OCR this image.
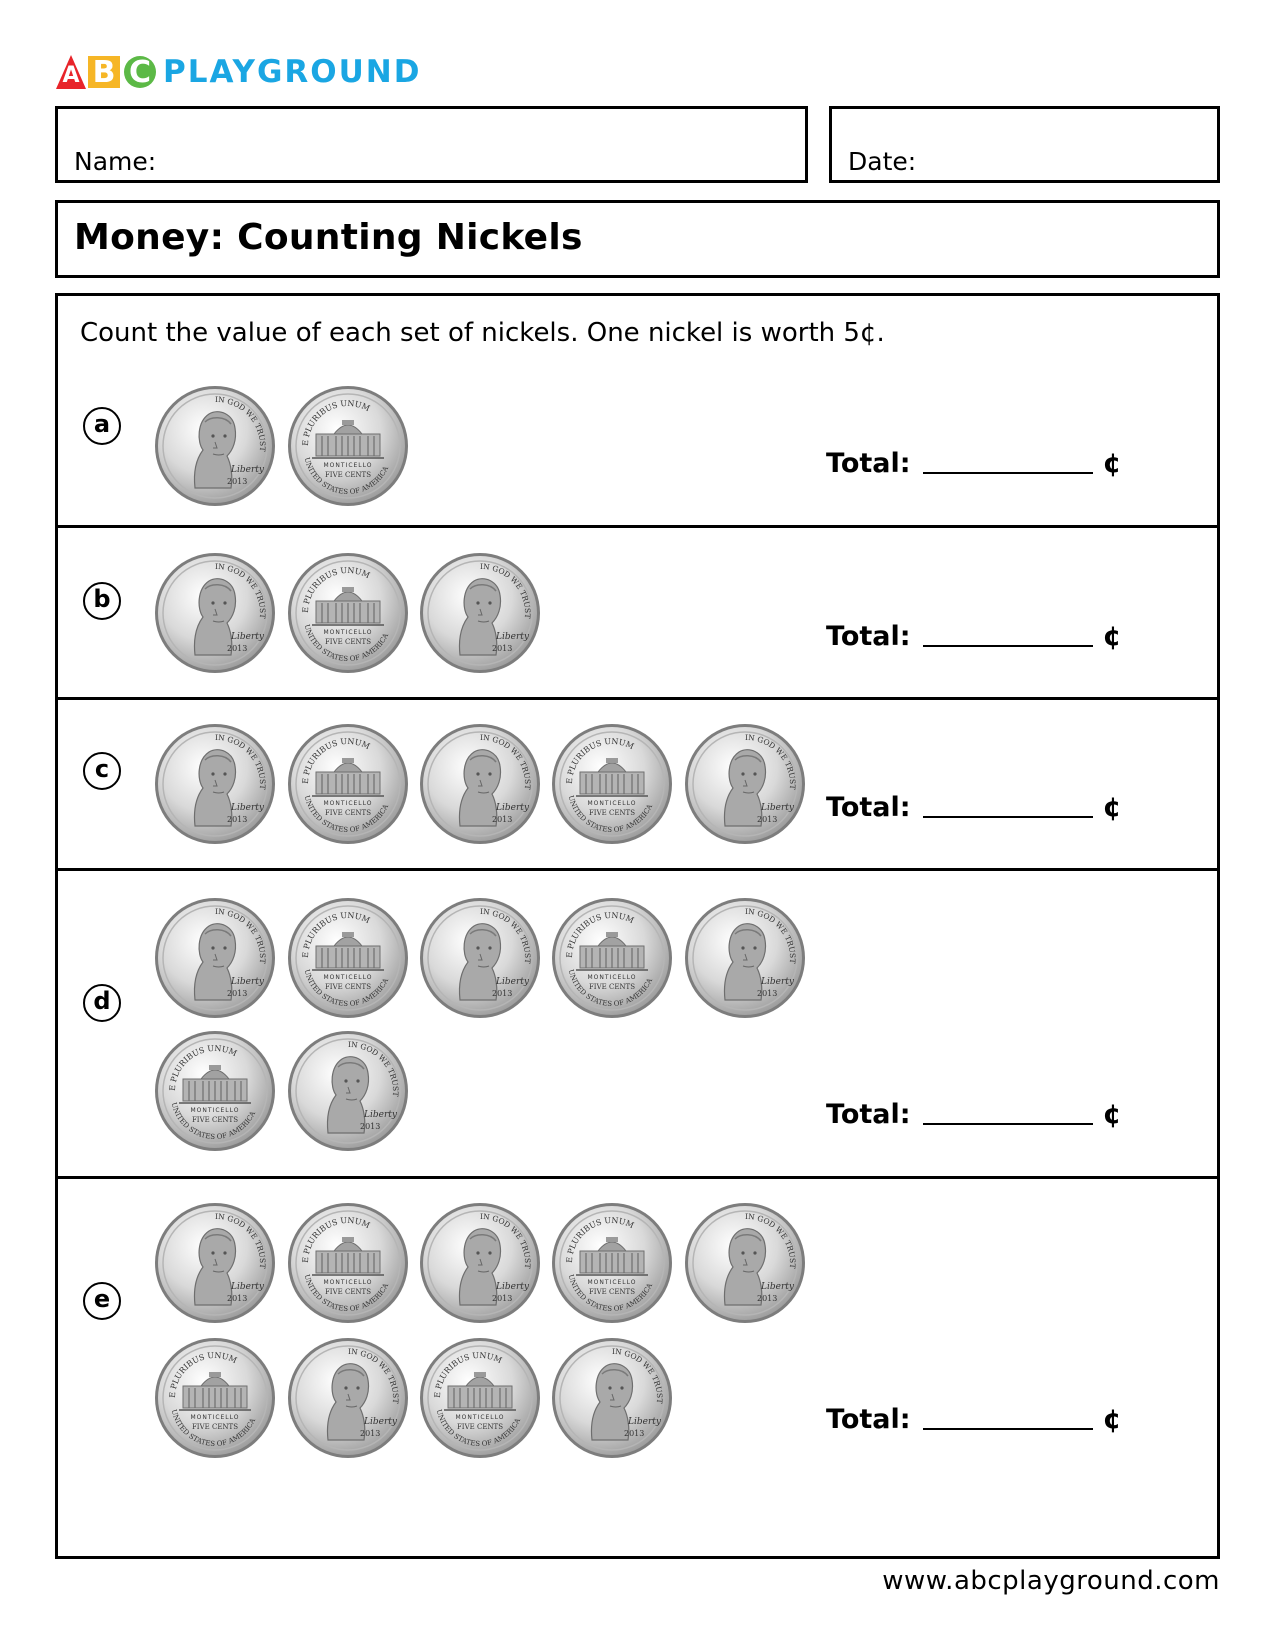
A B C PLAYGROUND
Name:	Date:
Money: Counting Nickels
Count the value of each set of nickels. One nickel is worth 5¢.
a
IN GOD WE TRUST
Liberty
2013
E PLURIBUS UNUM
MONTICELLO
FIVE CENTS
UNITED STATES OF AMERICA	Total:	¢
b
IN GOD WE TRUST
Liberty
2013
E PLURIBUS UNUM
MONTICELLO
FIVE CENTS
UNITED STATES OF AMERICA
IN GOD WE TRUST
Liberty
2013	Total:	¢
c
IN GOD WE TRUST
Liberty
2013
E PLURIBUS UNUM
MONTICELLO
FIVE CENTS
UNITED STATES OF AMERICA
IN GOD WE TRUST
Liberty
2013
E PLURIBUS UNUM
MONTICELLO
FIVE CENTS
UNITED STATES OF AMERICA
IN GOD WE TRUST
Liberty
2013 Total:	¢
d
IN GOD WE TRUST
Liberty
2013
E PLURIBUS UNUM
MONTICELLO
FIVE CENTS
UNITED STATES OF AMERICA
IN GOD WE TRUST
Liberty
2013
E PLURIBUS UNUM
MONTICELLO
FIVE CENTS
UNITED STATES OF AMERICA
IN GOD WE TRUST
Liberty
2013
E PLURIBUS UNUM
MONTICELLO
FIVE CENTS
UNITED STATES OF AMERICA
IN GOD WE TRUST
Liberty
2013	Total:	¢
e
IN GOD WE TRUST
Liberty
2013
E PLURIBUS UNUM
MONTICELLO
FIVE CENTS
UNITED STATES OF AMERICA
IN GOD WE TRUST
Liberty
2013
E PLURIBUS UNUM
MONTICELLO
FIVE CENTS
UNITED STATES OF AMERICA
IN GOD WE TRUST
Liberty
2013
E PLURIBUS UNUM
MONTICELLO
FIVE CENTS
UNITED STATES OF AMERICA
IN GOD WE TRUST
Liberty
2013
E PLURIBUS UNUM
MONTICELLO
FIVE CENTS
UNITED STATES OF AMERICA
IN GOD WE TRUST
Liberty
2013	Total:	¢
www.abcplayground.com
